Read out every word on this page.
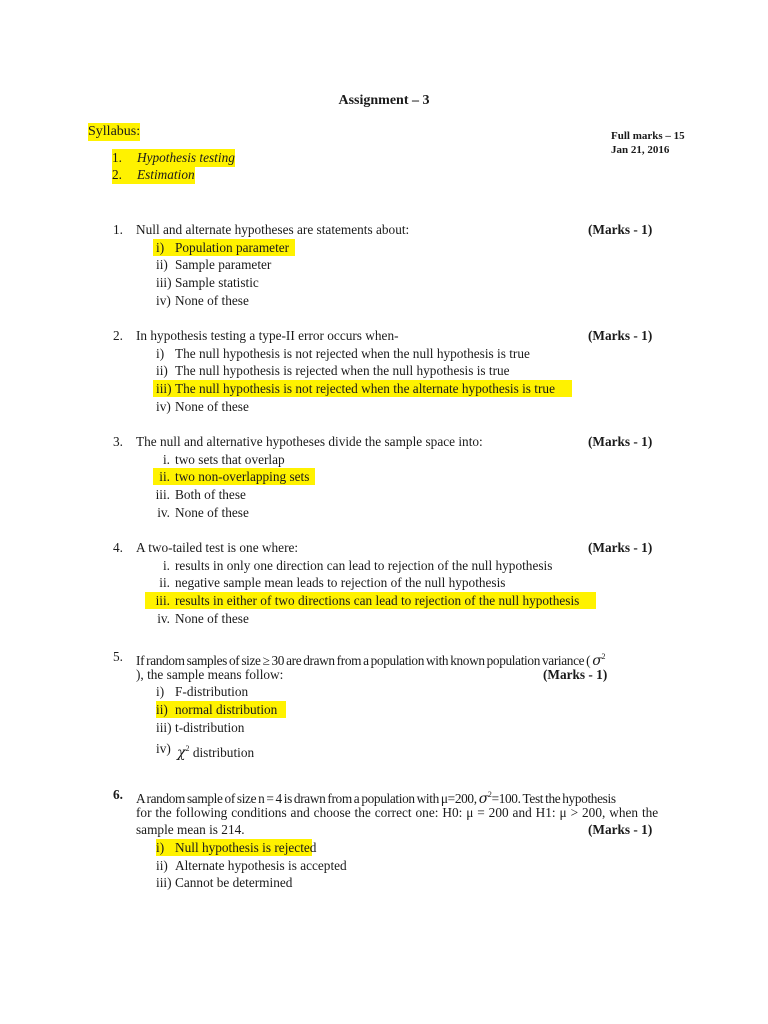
Assignment – 3
Syllabus:
1. Hypothesis testing
2. Estimation
Full marks – 15
Jan 21, 2016
1. Null and alternate hypotheses are statements about:	(Marks - 1)
i) Population parameter
ii) Sample parameter
iii) Sample statistic
iv) None of these
2. In hypothesis testing a type-II error occurs when-	(Marks - 1)
i) The null hypothesis is not rejected when the null hypothesis is true
ii) The null hypothesis is rejected when the null hypothesis is true
iii) The null hypothesis is not rejected when the alternate hypothesis is true
iv) None of these
3. The null and alternative hypotheses divide the sample space into:	(Marks - 1)
i. two sets that overlap
ii. two non-overlapping sets
iii. Both of these
iv. None of these
4. A two-tailed test is one where:	(Marks - 1)
i. results in only one direction can lead to rejection of the null hypothesis
ii. negative sample mean leads to rejection of the null hypothesis
iii. results in either of two directions can lead to rejection of the null hypothesis
iv. None of these
5. If random samples of size ≥ 30 are drawn from a population with known population variance ( $\sigma^2$
), the sample means follow:	(Marks - 1)
i) F-distribution
ii) normal distribution
iii) t-distribution
iv) $\chi^2$ distribution
6. A random sample of size n = 4 is drawn from a population with μ=200, $\sigma^2=100$. Test the hypothesis
for the following conditions and choose the correct one: H0: μ = 200 and H1: μ > 200, when the
sample mean is 214.	(Marks - 1)
i) Null hypothesis is rejected
ii) Alternate hypothesis is accepted
iii) Cannot be determined
